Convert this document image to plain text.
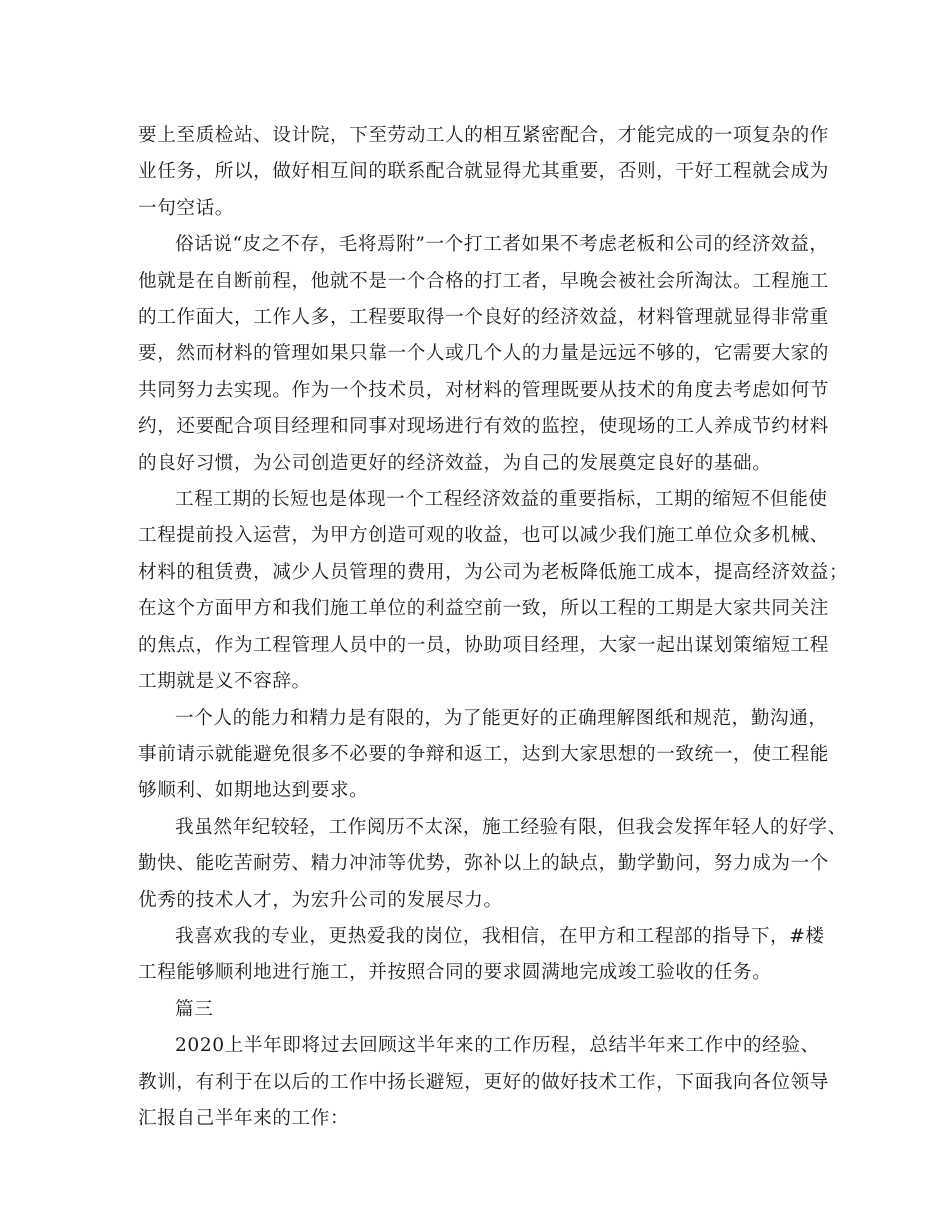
要上至质检站、设计院，下至劳动工人的相互紧密配合，才能完成的一项复杂的作
业任务，所以，做好相互间的联系配合就显得尤其重要，否则，干好工程就会成为
一句空话。

俗话说“皮之不存，毛将焉附”一个打工者如果不考虑老板和公司的经济效益，
他就是在自断前程，他就不是一个合格的打工者，早晚会被社会所淘汰。工程施工
的工作面大，工作人多，工程要取得一个良好的经济效益，材料管理就显得非常重
要，然而材料的管理如果只靠一个人或几个人的力量是远远不够的，它需要大家的
共同努力去实现。作为一个技术员，对材料的管理既要从技术的角度去考虑如何节
约，还要配合项目经理和同事对现场进行有效的监控，使现场的工人养成节约材料
的良好习惯，为公司创造更好的经济效益，为自己的发展奠定良好的基础。

工程工期的长短也是体现一个工程经济效益的重要指标，工期的缩短不但能使
工程提前投入运营，为甲方创造可观的收益，也可以减少我们施工单位众多机械、
材料的租赁费，减少人员管理的费用，为公司为老板降低施工成本，提高经济效益；
在这个方面甲方和我们施工单位的利益空前一致，所以工程的工期是大家共同关注
的焦点，作为工程管理人员中的一员，协助项目经理，大家一起出谋划策缩短工程
工期就是义不容辞。

一个人的能力和精力是有限的，为了能更好的正确理解图纸和规范，勤沟通，
事前请示就能避免很多不必要的争辩和返工，达到大家思想的一致统一，使工程能
够顺利、如期地达到要求。

我虽然年纪较轻，工作阅历不太深，施工经验有限，但我会发挥年轻人的好学、
勤快、能吃苦耐劳、精力冲沛等优势，弥补以上的缺点，勤学勤问，努力成为一个
优秀的技术人才，为宏升公司的发展尽力。

我喜欢我的专业，更热爱我的岗位，我相信，在甲方和工程部的指导下，#楼
工程能够顺利地进行施工，并按照合同的要求圆满地完成竣工验收的任务。

篇三

2020上半年即将过去回顾这半年来的工作历程，总结半年来工作中的经验、
教训，有利于在以后的工作中扬长避短，更好的做好技术工作，下面我向各位领导
汇报自己半年来的工作：
